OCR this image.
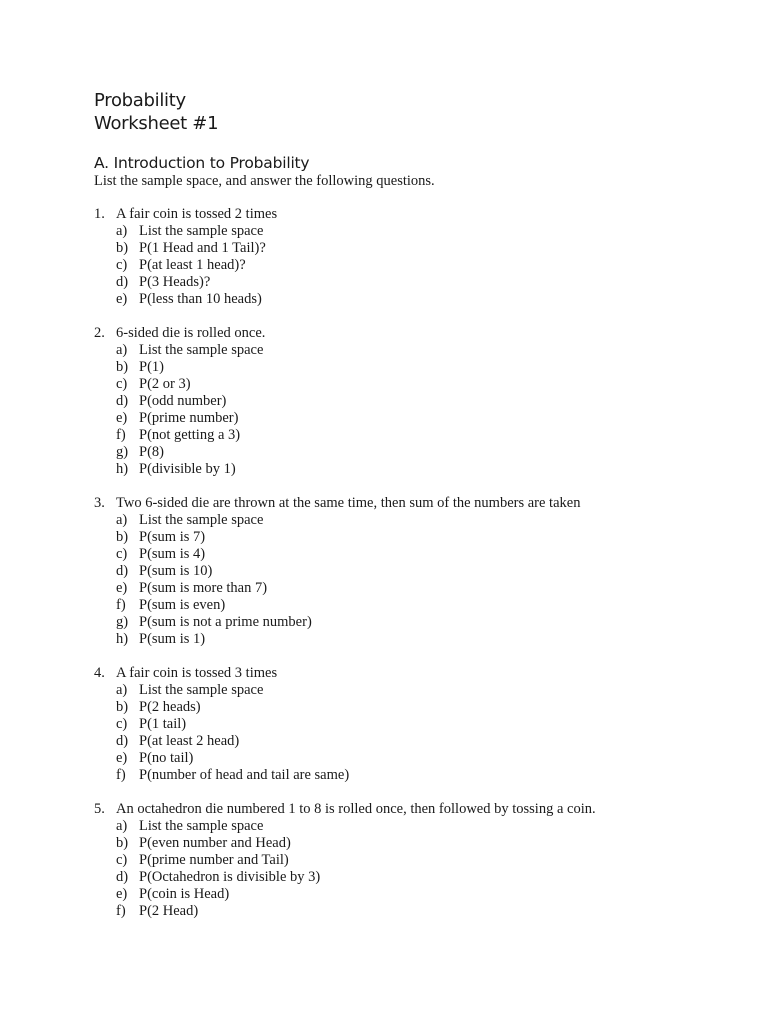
Probability
Worksheet #1
A. Introduction to Probability

List the sample space, and answer the following questions.

1. A fair coin is tossed 2 times
a) List the sample space
b) P(1 Head and 1 Tail)?
c) P(at least 1 head)?
d) P(3 Heads)?
e) P(less than 10 heads)
2. 6-sided die is rolled once.
a) List the sample space
b) P(1)
c) P(2 or 3)
d) P(odd number)
e) P(prime number)
f) P(not getting a 3)
g) P(8)
h) P(divisible by 1)
3. Two 6-sided die are thrown at the same time, then sum of the numbers are taken
a) List the sample space
b) P(sum is 7)
c) P(sum is 4)
d) P(sum is 10)
e) P(sum is more than 7)
f) P(sum is even)
g) P(sum is not a prime number)
h) P(sum is 1)
4. A fair coin is tossed 3 times
a) List the sample space
b) P(2 heads)
c) P(1 tail)
d) P(at least 2 head)
e) P(no tail)
f) P(number of head and tail are same)
5. An octahedron die numbered 1 to 8 is rolled once, then followed by tossing a coin.
a) List the sample space
b) P(even number and Head)
c) P(prime number and Tail)
d) P(Octahedron is divisible by 3)
e) P(coin is Head)
f) P(2 Head)
